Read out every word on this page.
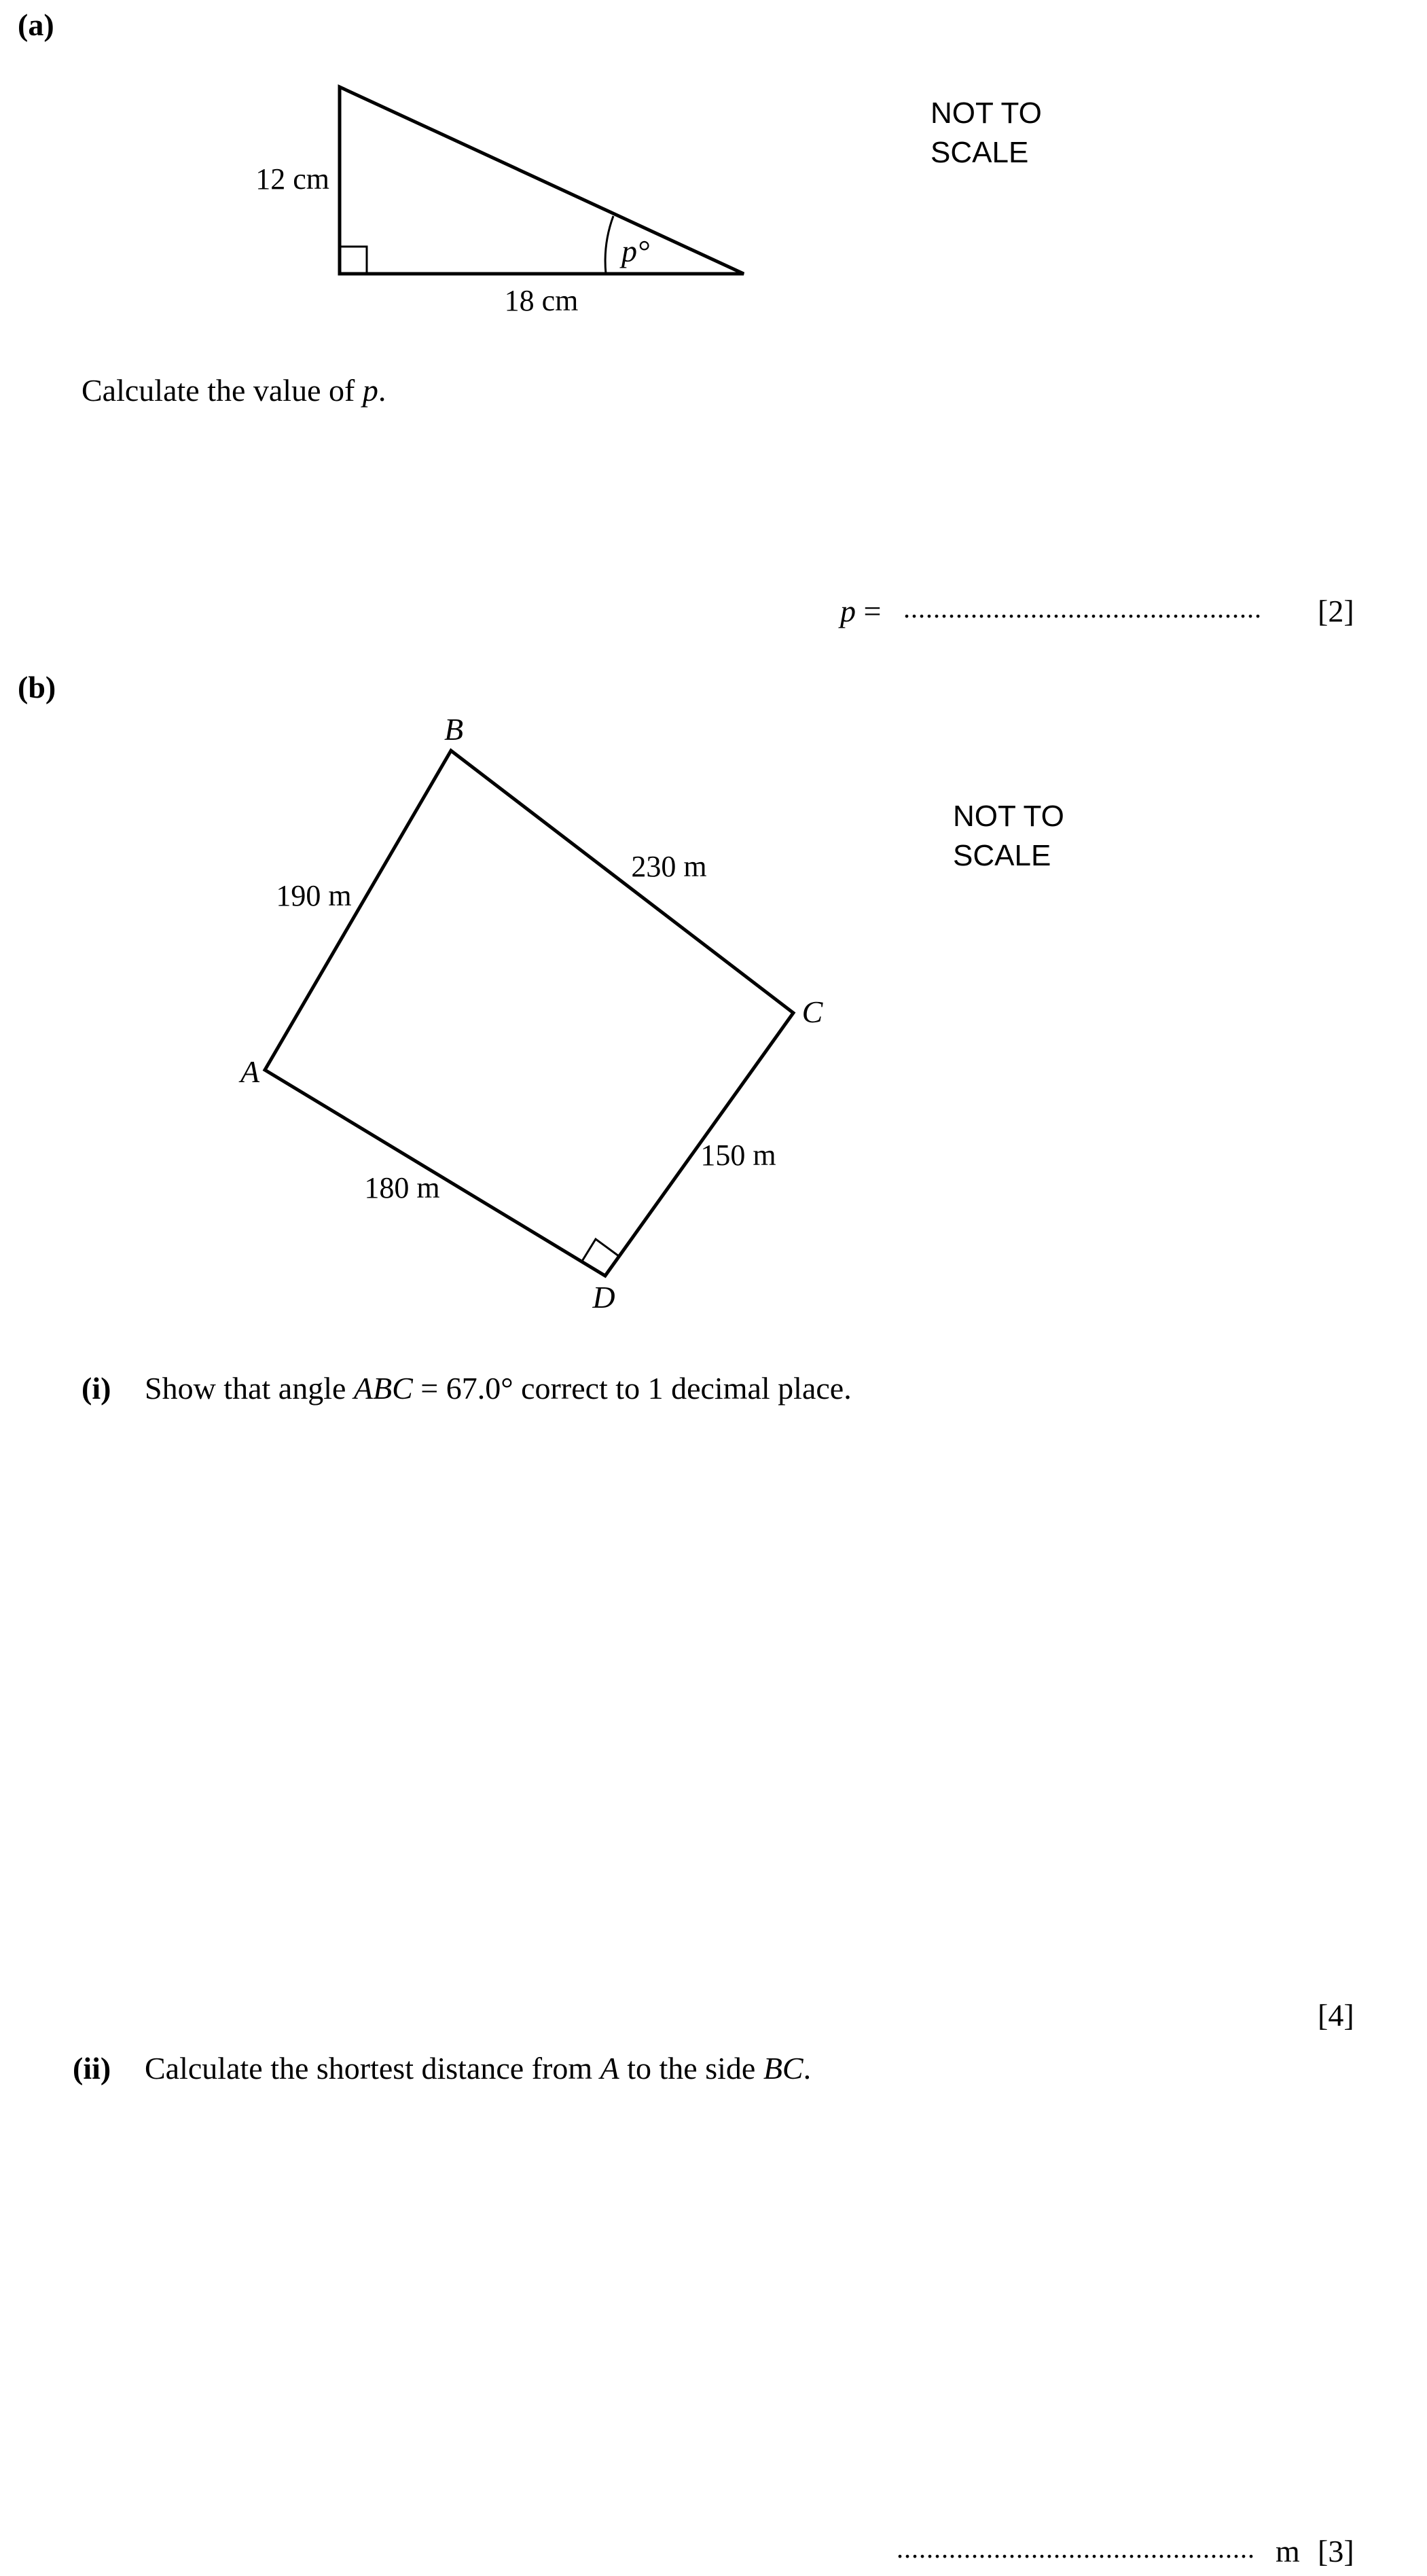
(a)
12 cm
18 cm
p°
NOT TO
SCALE
Calculate the value of p.
p = ................................................ [2]
(b)
A
B
C
D
190 m
230 m
150 m
180 m
NOT TO
SCALE
(i) Show that angle ABC = 67.0° correct to 1 decimal place.
[4]
(ii) Calculate the shortest distance from A to the side BC.
................................................ m [3]
